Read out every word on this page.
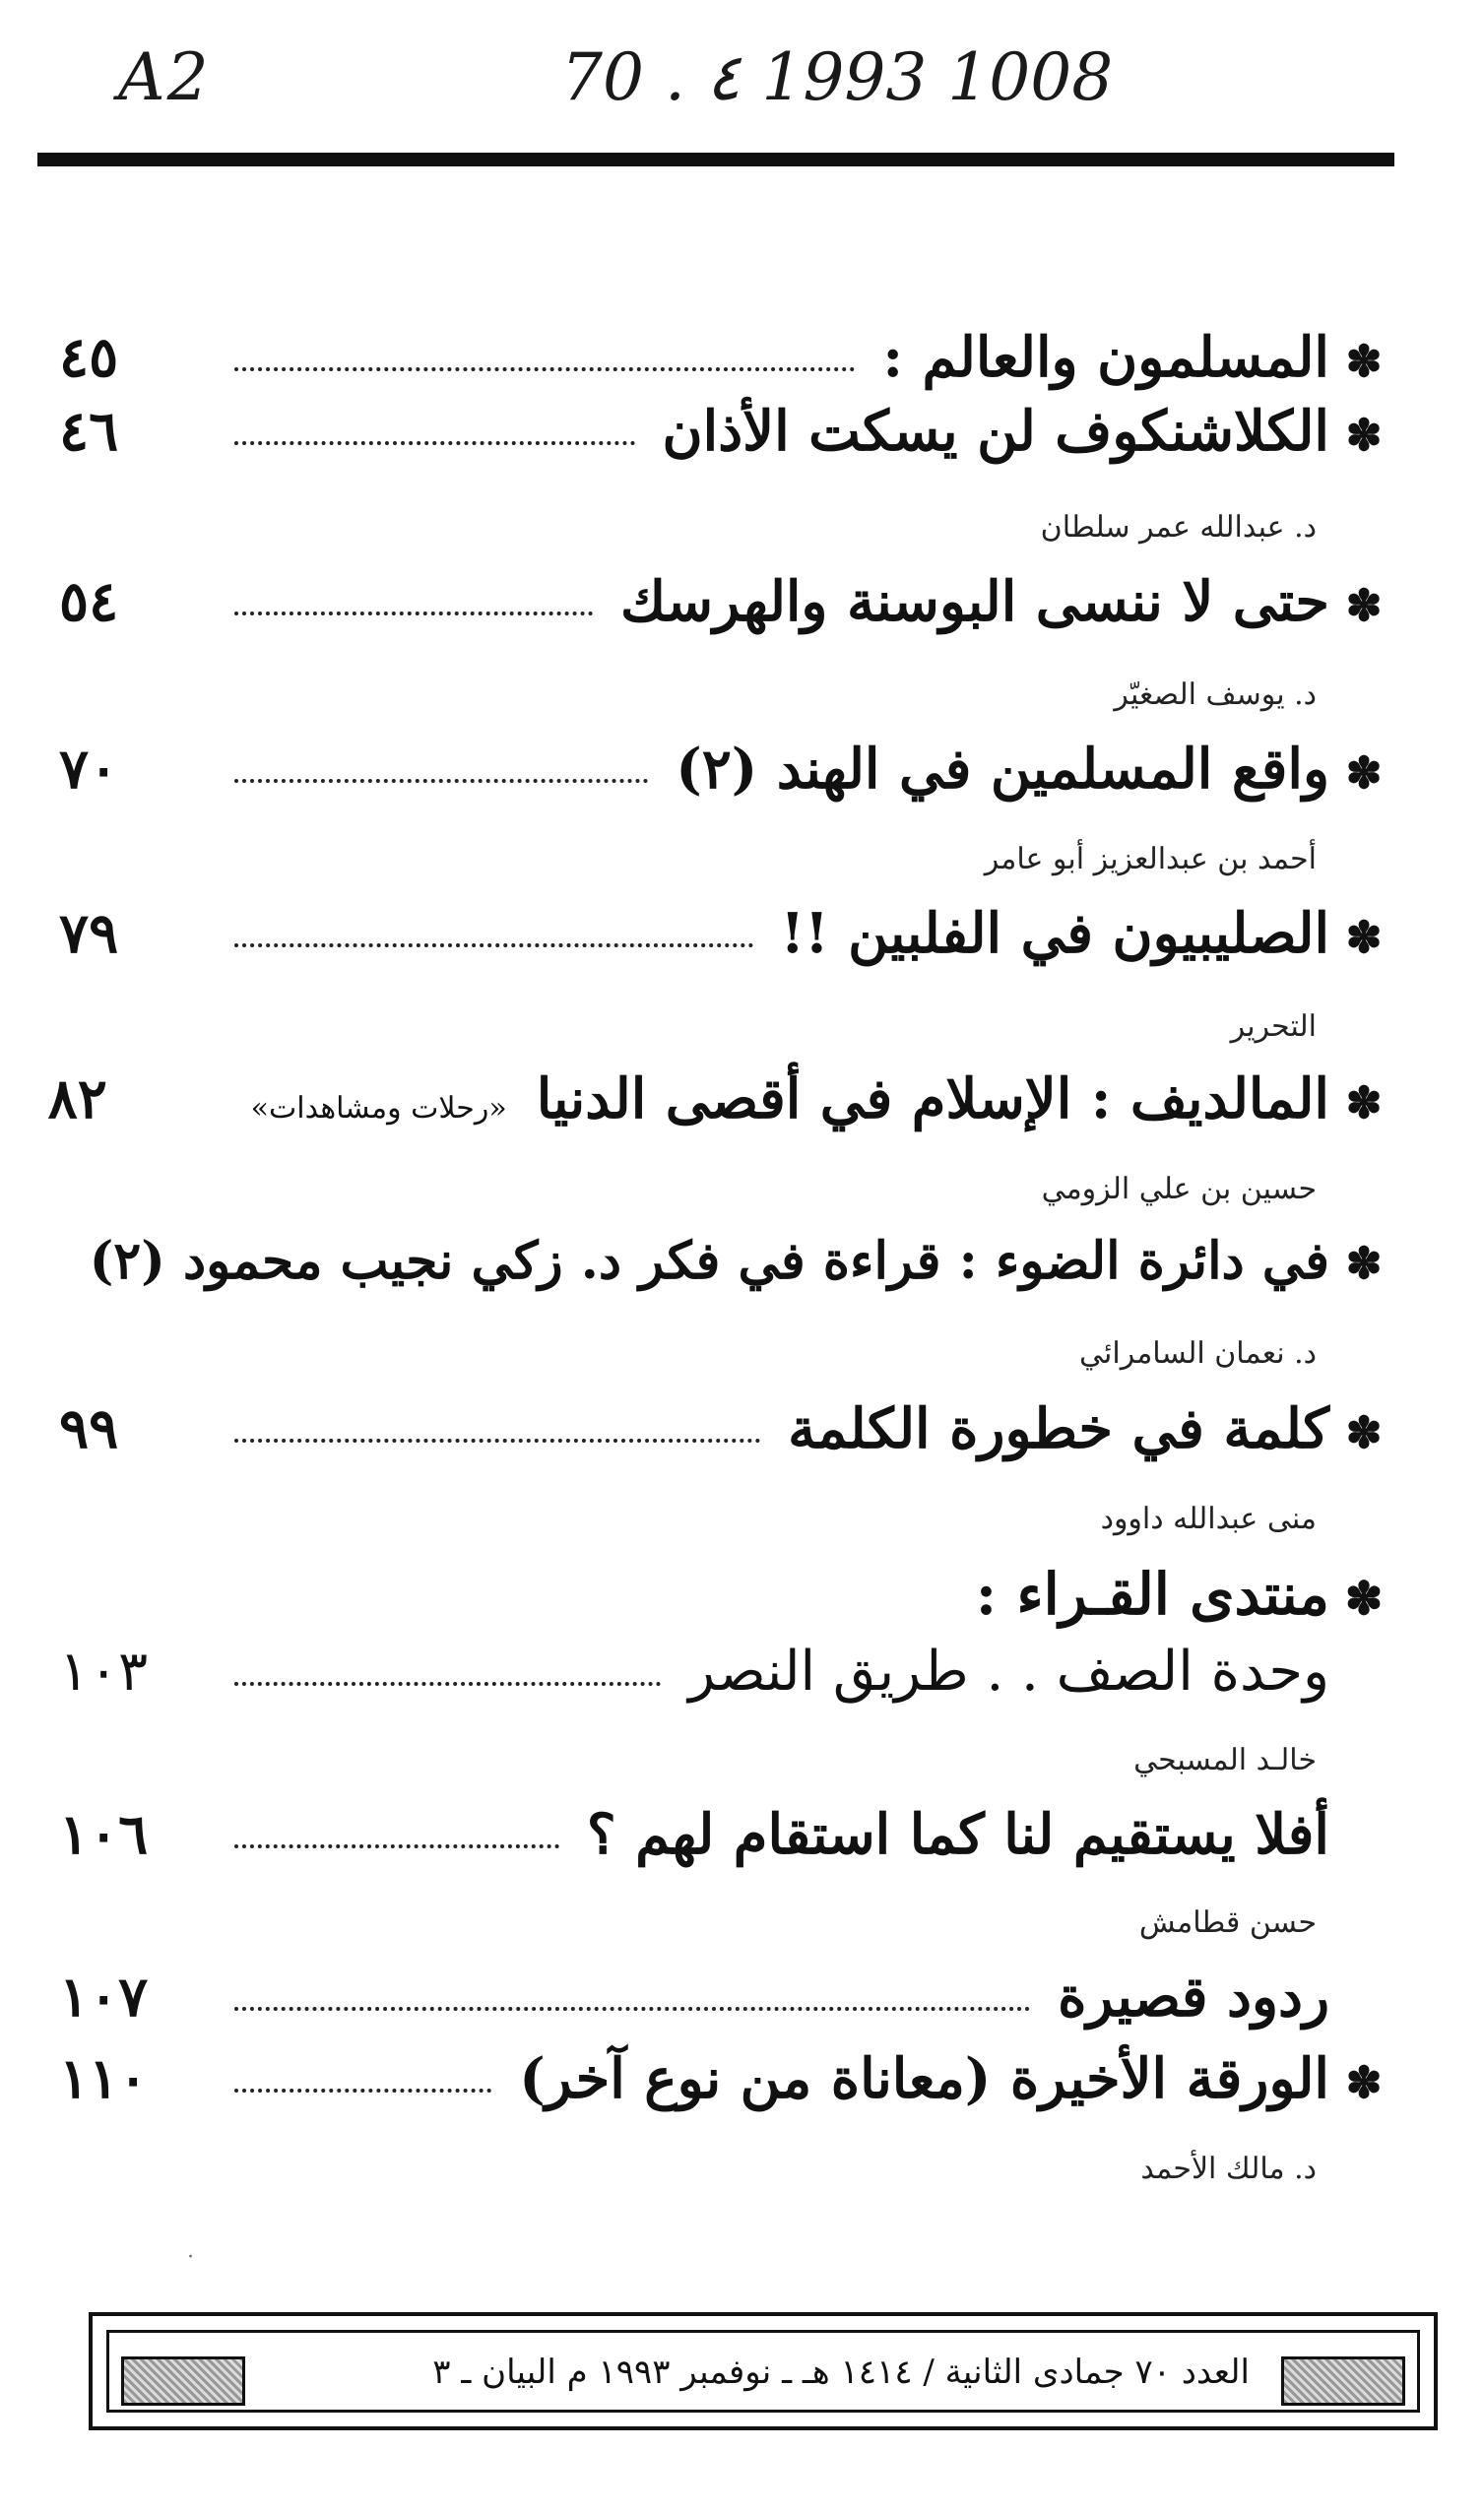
A2	70 . ٤ 1993 1008
✽
المسلمون والعالم :
٤٥
✽
الكلاشنكوف لن يسكت الأذان
٤٦
د. عبدالله عمر سلطان
✽
حتى لا ننسى البوسنة والهرسك
٥٤
د. يوسف الصغيّر
✽
واقع المسلمين في الهند (٢)
٧٠
أحمد بن عبدالعزيز أبو عامر
✽
الصليبيون في الفلبين !!
٧٩
التحرير
✽
المالديف : الإسلام في أقصى الدنيا
«رحلات ومشاهدات»
٨٢
حسين بن علي الزومي
✽
في دائرة الضوء : قراءة في فكر د. زكي نجيب محمود (٢)
د. نعمان السامرائي
✽
كلمة في خطورة الكلمة
٩٩
منى عبدالله داوود
✽
منتدى القـراء :
وحدة الصف . . طريق النصر
١٠٣
خالـد المسبحي
أفلا يستقيم لنا كما استقام لهم ؟
١٠٦
حسن قطامش
ردود قصيرة
١٠٧
✽
الورقة الأخيرة (معاناة من نوع آخر)
١١٠
د. مالك الأحمد
·
العدد ٧٠ جمادى الثانية / ١٤١٤ هـ ـ نوفمبر ١٩٩٣ م البيان ـ ٣
